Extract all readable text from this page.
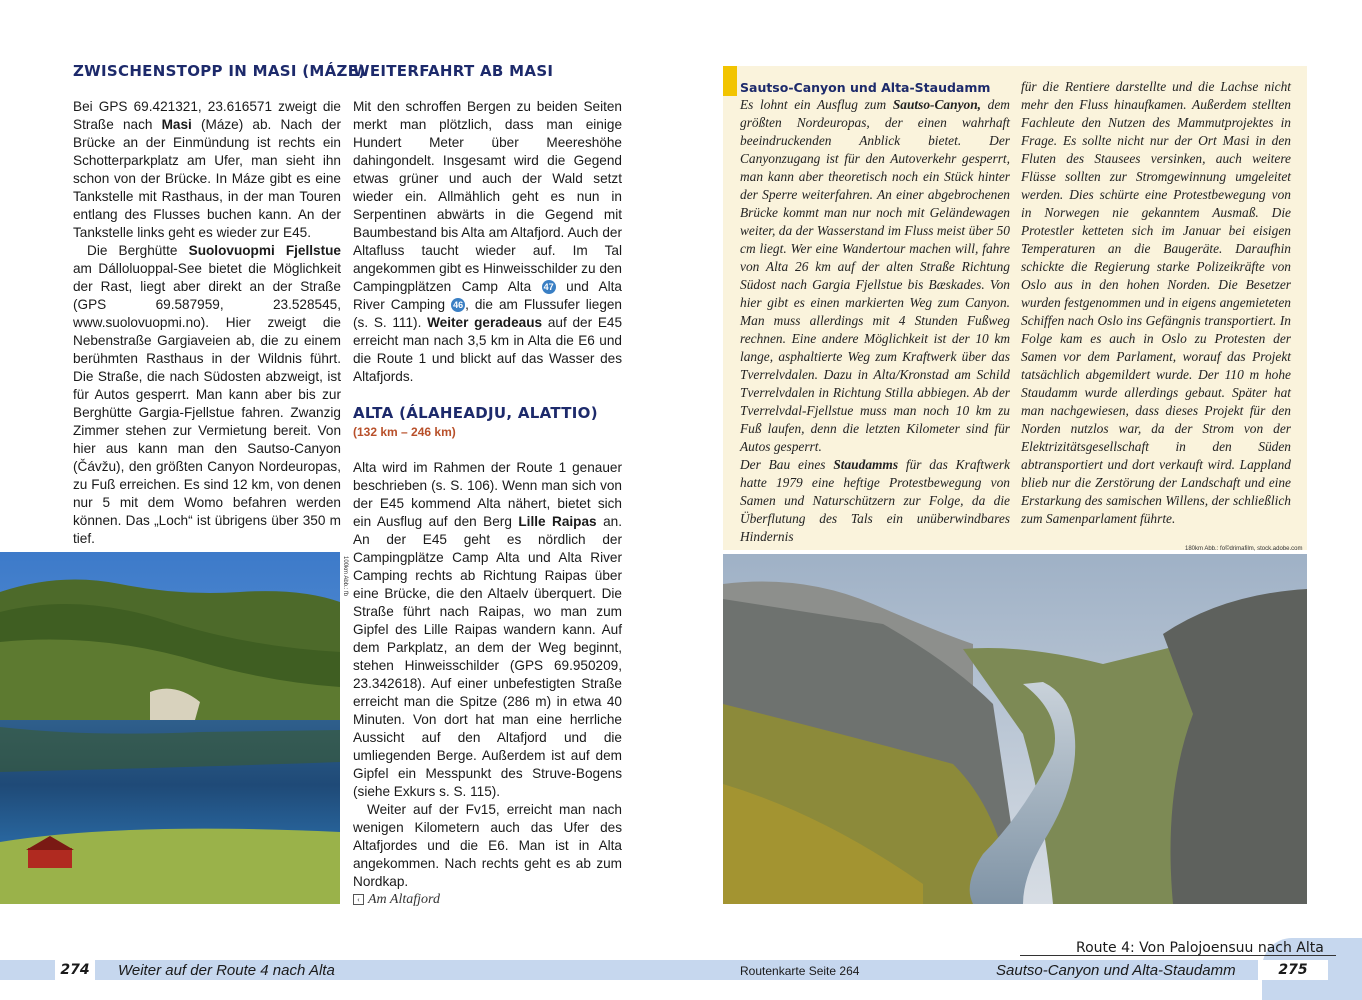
ZWISCHENSTOPP IN MASI (MÁZE)

Bei GPS 69.421321, 23.616571 zweigt die Straße nach Masi (Máze) ab. Nach der Brücke an der Einmündung ist rechts ein Schotterparkplatz am Ufer, man sieht ihn schon von der Brücke. In Máze gibt es eine Tankstelle mit Rasthaus, in der man Touren entlang des Flusses buchen kann. An der Tankstelle links geht es wieder zur E45.

Die Berghütte Suolovuopmi Fjellstue am Dálloluoppal-See bietet die Möglichkeit der Rast, liegt aber direkt an der Straße (GPS 69.587959, 23.528545, www.suolovuopmi.no). Hier zweigt die Nebenstraße Gargiaveien ab, die zu einem berühmten Rasthaus in der Wildnis führt. Die Straße, die nach Südosten abzweigt, ist für Autos gesperrt. Man kann aber bis zur Berghütte Gargia-Fjellstue fahren. Zwanzig Zimmer stehen zur Vermietung bereit. Von hier aus kann man den Sautso-Canyon (Čávžu), den größten Canyon Nordeuropas, zu Fuß erreichen. Es sind 12 km, von denen nur 5 mit dem Womo befahren werden können. Das „Loch“ ist übrigens über 350 m tief.

100km Abb.: fb
WEITERFAHRT AB MASI

Mit den schroffen Bergen zu beiden Seiten merkt man plötzlich, dass man einige Hundert Meter über Meereshöhe dahingondelt. Insgesamt wird die Gegend etwas grüner und auch der Wald setzt wieder ein. Allmählich geht es nun in Serpentinen abwärts in die Gegend mit Baumbestand bis Alta am Altafjord. Auch der Altafluss taucht wieder auf. Im Tal angekommen gibt es Hinweisschilder zu den Campingplätzen Camp Alta 47 und Alta River Camping 46 , die am Flussufer liegen (s. S. 111). Weiter geradeaus auf der E45 erreicht man nach 3,5 km in Alta die E6 und die Route 1 und blickt auf das Wasser des Altafjords.

ALTA (ÁLAHEADJU, ALATTIO)
(132 km – 246 km)

Alta wird im Rahmen der Route 1 genauer beschrieben (s. S. 106). Wenn man sich von der E45 kommend Alta nähert, bietet sich ein Ausflug auf den Berg Lille Raipas an. An der E45 geht es nördlich der Campingplätze Camp Alta und Alta River Camping rechts ab Richtung Raipas über eine Brücke, die den Altaelv überquert. Die Straße führt nach Raipas, wo man zum Gipfel des Lille Raipas wandern kann. Auf dem Parkplatz, an dem der Weg beginnt, stehen Hinweisschilder (GPS 69.950209, 23.342618). Auf einer unbefestigten Straße erreicht man die Spitze (286 m) in etwa 40 Minuten. Von dort hat man eine herrliche Aussicht auf den Altafjord und die umliegenden Berge. Außerdem ist auf dem Gipfel ein Messpunkt des Struve-Bogens (siehe Exkurs s. S. 115).

Weiter auf der Fv15, erreicht man nach wenigen Kilometern auch das Ufer des Altafjordes und die E6. Man ist in Alta angekommen. Nach rechts geht es ab zum Nordkap.

‹ Am Altafjord
Sautso-Canyon und Alta-Staudamm

Es lohnt ein Ausflug zum Sautso-Canyon, dem größten Nordeuropas, der einen wahrhaft beeindruckenden Anblick bietet. Der Canyonzugang ist für den Autoverkehr gesperrt, man kann aber theoretisch noch ein Stück hinter der Sperre weiterfahren. An einer abgebrochenen Brücke kommt man nur noch mit Geländewagen weiter, da der Wasserstand im Fluss meist über 50 cm liegt. Wer eine Wandertour machen will, fahre von Alta 26 km auf der alten Straße Richtung Südost nach Gargia Fjellstue bis Bæskades. Von hier gibt es einen markierten Weg zum Canyon. Man muss allerdings mit 4 Stunden Fußweg rechnen. Eine andere Möglichkeit ist der 10 km lange, asphaltierte Weg zum Kraftwerk über das Tverrelvdalen. Dazu in Alta/Kronstad am Schild Tverrelvdalen in Richtung Stilla abbiegen. Ab der Tverrelvdal-Fjellstue muss man noch 10 km zu Fuß laufen, denn die letzten Kilometer sind für Autos gesperrt.

Der Bau eines Staudamms für das Kraftwerk hatte 1979 eine heftige Protestbewegung von Samen und Naturschützern zur Folge, da die Überflutung des Tals ein unüberwindbares Hindernis

für die Rentiere darstellte und die Lachse nicht mehr den Fluss hinaufkamen. Außerdem stellten Fachleute den Nutzen des Mammutprojektes in Frage. Es sollte nicht nur der Ort Masi in den Fluten des Stausees versinken, auch weitere Flüsse sollten zur Stromgewinnung umgeleitet werden. Dies schürte eine Protestbewegung von in Norwegen nie gekanntem Ausmaß. Die Protestler ketteten sich im Januar bei eisigen Temperaturen an die Baugeräte. Daraufhin schickte die Regierung starke Polizeikräfte von Oslo aus in den hohen Norden. Die Besetzer wurden festgenommen und in eigens angemieteten Schiffen nach Oslo ins Gefängnis transportiert. In Folge kam es auch in Oslo zu Protesten der Samen vor dem Parlament, worauf das Projekt tatsächlich abgemildert wurde. Der 110 m hohe Staudamm wurde allerdings gebaut. Später hat man nachgewiesen, dass dieses Projekt für den Norden nutzlos war, da der Strom von der Elektrizitätsgesellschaft in den Süden abtransportiert und dort verkauft wird. Lappland blieb nur die Zerstörung der Landschaft und eine Erstarkung des samischen Willens, der schließlich zum Samenparlament führte.

180km Abb.: fo©drimafilm, stock.adobe.com
274	Weiter auf der Route 4 nach Alta	Routenkarte Seite 264
Route 4: Von Palojoensuu nach Alta
Sautso-Canyon und Alta-Staudamm	275
